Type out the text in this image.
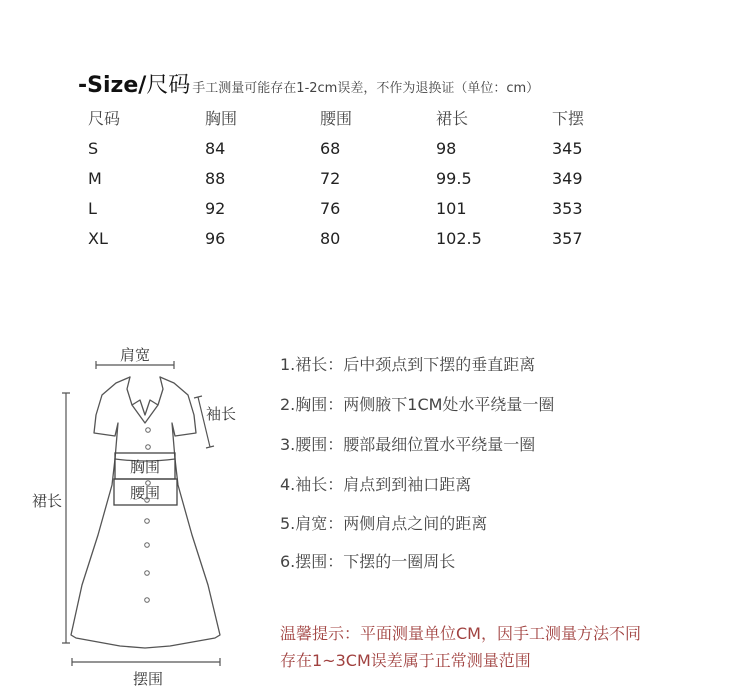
-Size/尺码 手工测量可能存在1-2cm误差，不作为退换证（单位：cm）
尺码	胸围	腰围	裙长	下摆
S	84	68	98	345
M	88	72	99.5	349
L	92	76	101	353
XL	96	80	102.5	357
肩宽
袖长
胸围
腰围
裙长
摆围
1.裙长：后中颈点到下摆的垂直距离
2.胸围：两侧腋下1CM处水平绕量一圈
3.腰围：腰部最细位置水平绕量一圈
4.袖长：肩点到到袖口距离
5.肩宽：两侧肩点之间的距离
6.摆围：下摆的一圈周长
温馨提示：平面测量单位CM，因手工测量方法不同
存在1~3CM误差属于正常测量范围
